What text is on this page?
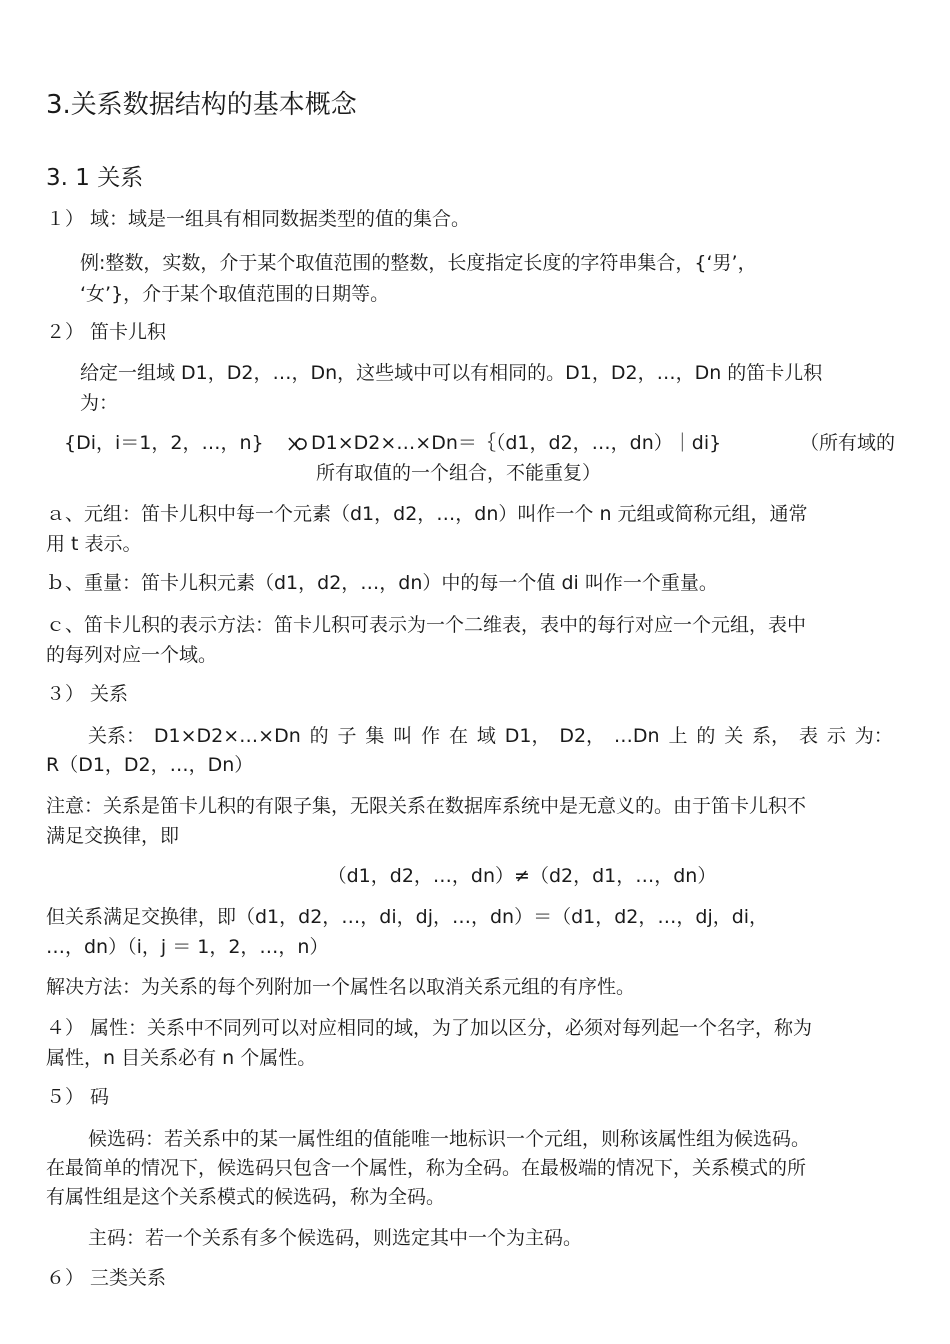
3.关系数据结构的基本概念
3. 1 关系
１） 域：域是一组具有相同数据类型的值的集合。
例:整数，实数，介于某个取值范围的整数，长度指定长度的字符串集合，{‘男’，
‘女’}，介于某个取值范围的日期等。
２） 笛卡儿积
给定一组域 D1，D2，…，Dn，这些域中可以有相同的。D1，D2，…，Dn 的笛卡儿积
为：
{Di，i＝1，2，…，n} D1×D2×…×Dn＝｛（d1，d2，…，dn）｜di}	（所有域的
所有取值的一个组合，不能重复）
ａ、元组：笛卡儿积中每一个元素（d1，d2，…，dn）叫作一个 n 元组或简称元组，通常
用 t 表示。
ｂ、重量：笛卡儿积元素（d1，d2，…，dn）中的每一个值 di 叫作一个重量。
ｃ、笛卡儿积的表示方法：笛卡儿积可表示为一个二维表，表中的每行对应一个元组，表中
的每列对应一个域。
３） 关系
关系： D1×D2×…×Dn 的 子 集 叫 作 在 域 D1， D2， …Dn 上 的 关 系， 表 示 为：
R（D1，D2，…，Dn）
注意：关系是笛卡儿积的有限子集，无限关系在数据库系统中是无意义的。由于笛卡儿积不
满足交换律，即
（d1，d2，…，dn）≠（d2，d1，…，dn）
但关系满足交换律，即（d1，d2，…，di，dj，…，dn）＝（d1，d2，…，dj，di，
…，dn）（i，j ＝ 1，2，…，n）
解决方法：为关系的每个列附加一个属性名以取消关系元组的有序性。
４） 属性：关系中不同列可以对应相同的域，为了加以区分，必须对每列起一个名字，称为
属性，n 目关系必有 n 个属性。
５） 码
候选码：若关系中的某一属性组的值能唯一地标识一个元组，则称该属性组为候选码。
在最简单的情况下，候选码只包含一个属性，称为全码。在最极端的情况下，关系模式的所
有属性组是这个关系模式的候选码，称为全码。
主码：若一个关系有多个候选码，则选定其中一个为主码。
６） 三类关系
